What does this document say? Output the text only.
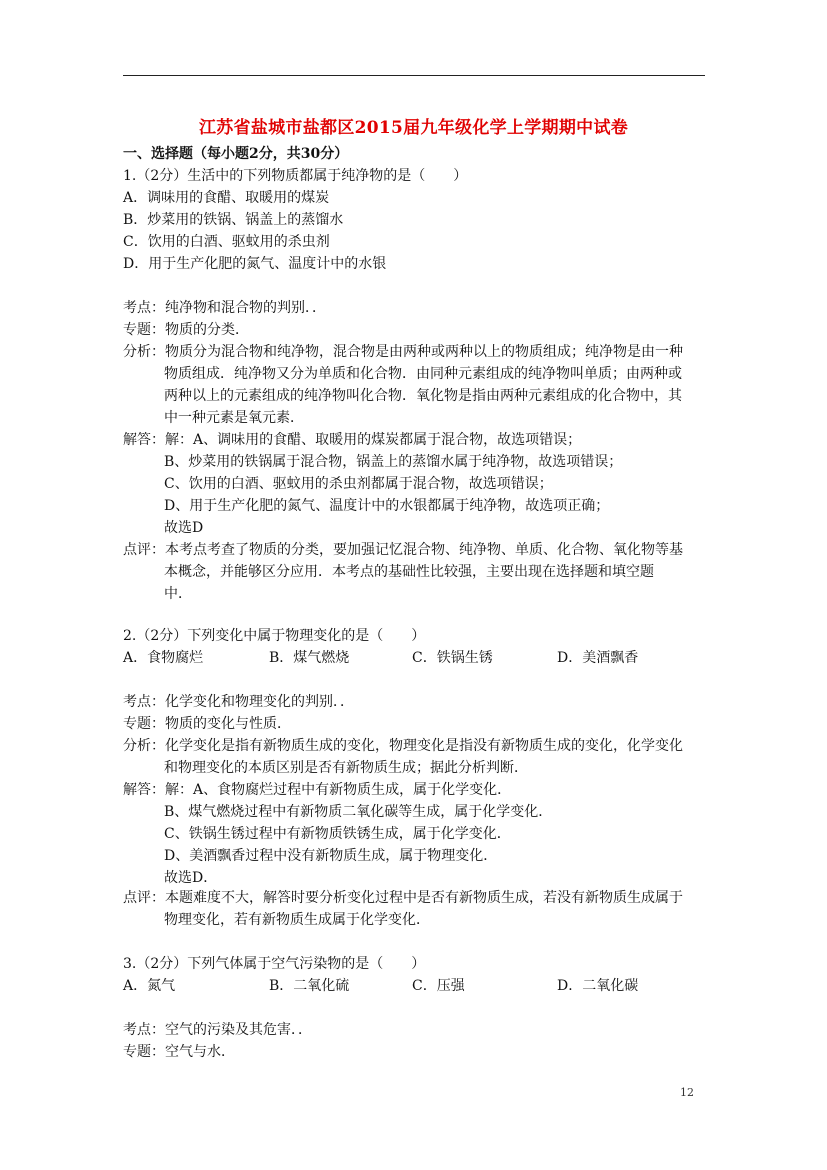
江苏省盐城市盐都区2015届九年级化学上学期期中试卷
一、选择题（每小题2分，共30分）
1.（2分）生活中的下列物质都属于纯净物的是（　　）
A．调味用的食醋、取暖用的煤炭
B．炒菜用的铁锅、锅盖上的蒸馏水
C．饮用的白酒、驱蚊用的杀虫剂
D．用于生产化肥的氮气、温度计中的水银
考点：纯净物和混合物的判别．．
专题：物质的分类．
分析：物质分为混合物和纯净物，混合物是由两种或两种以上的物质组成；纯净物是由一种
物质组成．纯净物又分为单质和化合物．由同种元素组成的纯净物叫单质；由两种或
两种以上的元素组成的纯净物叫化合物．氧化物是指由两种元素组成的化合物中，其
中一种元素是氧元素．
解答：解：A、调味用的食醋、取暖用的煤炭都属于混合物，故选项错误；
B、炒菜用的铁锅属于混合物，锅盖上的蒸馏水属于纯净物，故选项错误；
C、饮用的白酒、驱蚊用的杀虫剂都属于混合物，故选项错误；
D、用于生产化肥的氮气、温度计中的水银都属于纯净物，故选项正确；
故选D
点评：本考点考查了物质的分类，要加强记忆混合物、纯净物、单质、化合物、氧化物等基
本概念，并能够区分应用．本考点的基础性比较强，主要出现在选择题和填空题
中．
2.（2分）下列变化中属于物理变化的是（　　）
A．食物腐烂	B．煤气燃烧	C．铁锅生锈	D．美酒飘香
考点：化学变化和物理变化的判别．．
专题：物质的变化与性质．
分析：化学变化是指有新物质生成的变化，物理变化是指没有新物质生成的变化，化学变化
和物理变化的本质区别是否有新物质生成；据此分析判断．
解答：解：A、食物腐烂过程中有新物质生成，属于化学变化．
B、煤气燃烧过程中有新物质二氧化碳等生成，属于化学变化．
C、铁锅生锈过程中有新物质铁锈生成，属于化学变化．
D、美酒飘香过程中没有新物质生成，属于物理变化．
故选D．
点评：本题难度不大，解答时要分析变化过程中是否有新物质生成，若没有新物质生成属于
物理变化，若有新物质生成属于化学变化．
3.（2分）下列气体属于空气污染物的是（　　）
A．氮气	B．二氧化硫	C．压强	D．二氧化碳
考点：空气的污染及其危害．．
专题：空气与水．
12
